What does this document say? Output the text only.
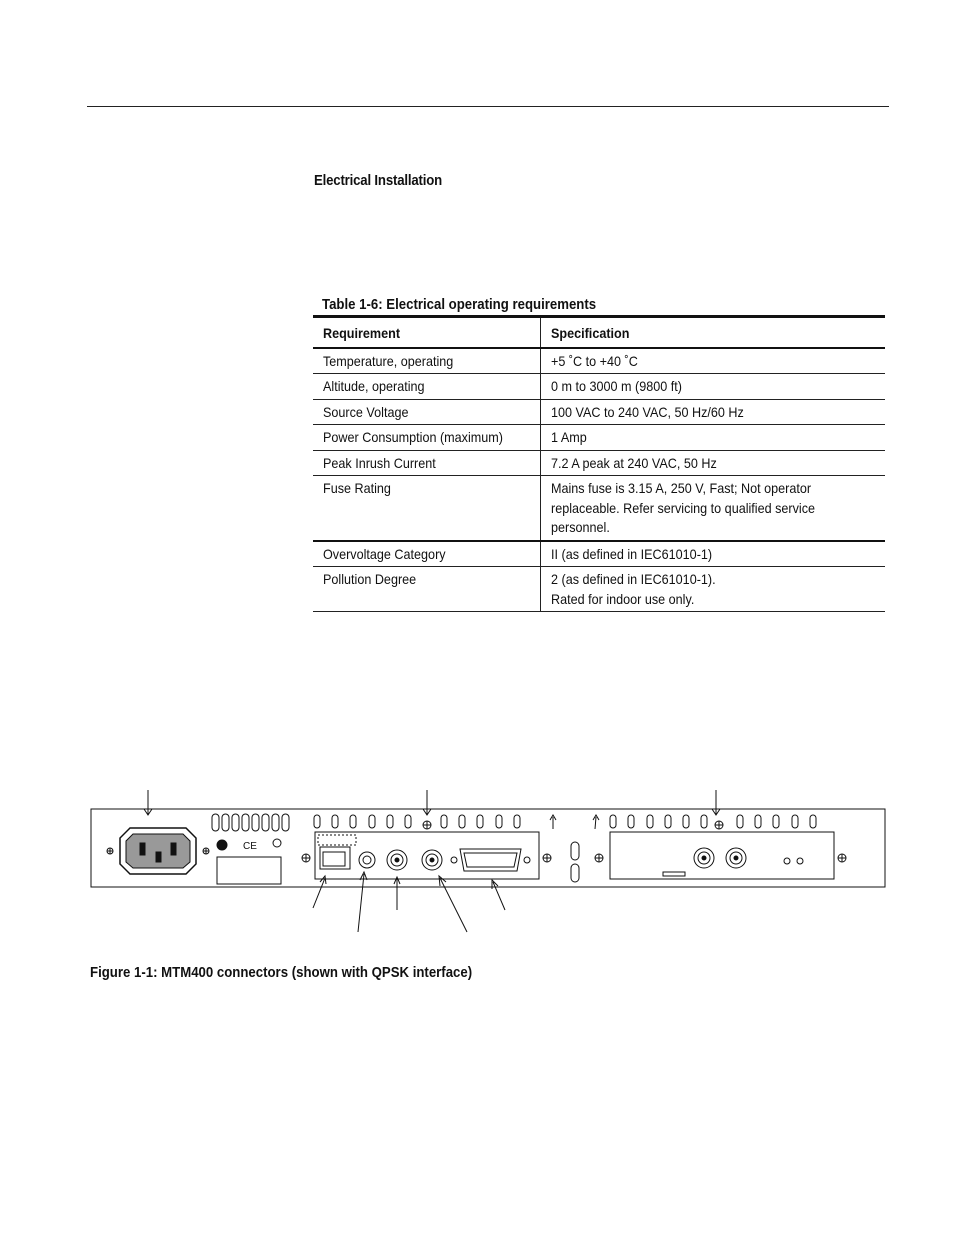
Electrical Installation
Table 1-6: Electrical operating requirements
Requirement	Specification

Temperature, operating	+5 ˚C to +40 ˚C

Altitude, operating	0 m to 3000 m (9800 ft)

Source Voltage	100 VAC to 240 VAC, 50 Hz/60 Hz

Power Consumption (maximum)	1 Amp

Peak Inrush Current	7.2 A peak at 240 VAC, 50 Hz

Fuse Rating	Mains fuse is 3.15 A, 250 V, Fast; Not operator
replaceable. Refer servicing to qualified service
personnel.

Overvoltage Category	II (as defined in IEC61010-1)

Pollution Degree	2 (as defined in IEC61010-1).
Rated for indoor use only.
CE
Figure 1-1: MTM400 connectors (shown with QPSK interface)
